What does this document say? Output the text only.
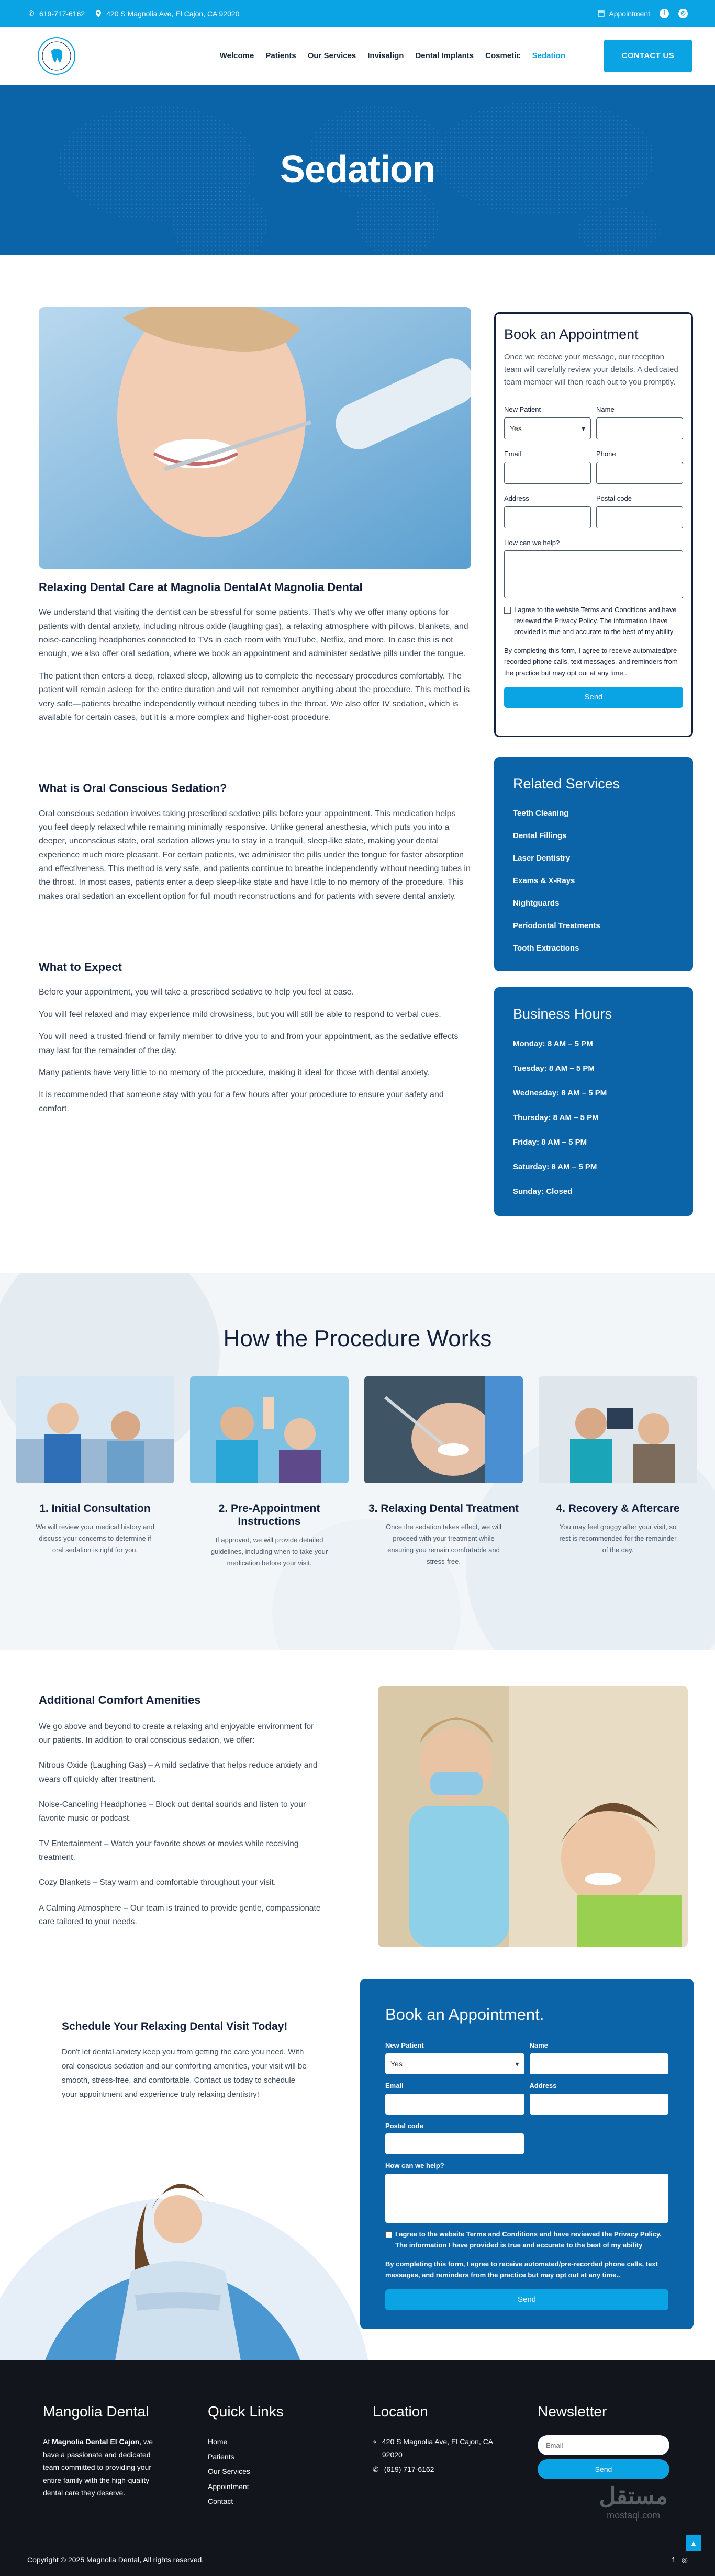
✆ 619-717-6162	420 S Magnolia Ave, El Cajon, CA 92020	Appointment	f	◎
Welcome Patients Our Services Invisalign Dental Implants Cosmetic Sedation	CONTACT US
Sedation
Relaxing Dental Care at Magnolia DentalAt Magnolia Dental

We understand that visiting the dentist can be stressful for some patients. That's why we offer many options for patients with dental anxiety, including nitrous oxide (laughing gas), a relaxing atmosphere with pillows, blankets, and noise-canceling headphones connected to TVs in each room with YouTube, Netflix, and more. In case this is not enough, we also offer oral sedation, where we book an appointment and administer sedative pills under the tongue.

The patient then enters a deep, relaxed sleep, allowing us to complete the necessary procedures comfortably. The patient will remain asleep for the entire duration and will not remember anything about the procedure. This method is very safe—patients breathe independently without needing tubes in the throat. We also offer IV sedation, which is available for certain cases, but it is a more complex and higher-cost procedure.

What is Oral Conscious Sedation?

Oral conscious sedation involves taking prescribed sedative pills before your appointment. This medication helps you feel deeply relaxed while remaining minimally responsive. Unlike general anesthesia, which puts you into a deeper, unconscious state, oral sedation allows you to stay in a tranquil, sleep-like state, making your dental experience much more pleasant. For certain patients, we administer the pills under the tongue for faster absorption and effectiveness. This method is very safe, and patients continue to breathe independently without needing tubes in the throat. In most cases, patients enter a deep sleep-like state and have little to no memory of the procedure. This makes oral sedation an excellent option for full mouth reconstructions and for patients with severe dental anxiety.

What to Expect

Before your appointment, you will take a prescribed sedative to help you feel at ease.

You will feel relaxed and may experience mild drowsiness, but you will still be able to respond to verbal cues.

You will need a trusted friend or family member to drive you to and from your appointment, as the sedative effects may last for the remainder of the day.

Many patients have very little to no memory of the procedure, making it ideal for those with dental anxiety.

It is recommended that someone stay with you for a few hours after your procedure to ensure your safety and comfort.

Book an Appointment

Once we receive your message, our reception team will carefully review your details. A dedicated team member will then reach out to you promptly.

New Patient
Yes	▾
Name
Email	Phone
Address	Postal code
How can we help?
I agree to the website Terms and Conditions and have reviewed the Privacy Policy. The information I have provided is true and accurate to the best of my ability

By completing this form, I agree to receive automated/pre-recorded phone calls, text messages, and reminders from the practice but may opt out at any time..

Send
Related Services
Teeth Cleaning
Dental Fillings
Laser Dentistry
Exams & X-Rays
Nightguards
Periodontal Treatments
Tooth Extractions
Business Hours
Monday: 8 AM – 5 PM
Tuesday: 8 AM – 5 PM
Wednesday: 8 AM – 5 PM
Thursday: 8 AM – 5 PM
Friday: 8 AM – 5 PM
Saturday: 8 AM – 5 PM
Sunday: Closed
How the Procedure Works
1. Initial Consultation

We will review your medical history and discuss your concerns to determine if oral sedation is right for you.

2. Pre-Appointment Instructions

If approved, we will provide detailed guidelines, including when to take your medication before your visit.

3. Relaxing Dental Treatment

Once the sedation takes effect, we will proceed with your treatment while ensuring you remain comfortable and stress-free.

4. Recovery & Aftercare

You may feel groggy after your visit, so rest is recommended for the remainder of the day.

Additional Comfort Amenities

We go above and beyond to create a relaxing and enjoyable environment for our patients. In addition to oral conscious sedation, we offer:

Nitrous Oxide (Laughing Gas) – A mild sedative that helps reduce anxiety and wears off quickly after treatment.

Noise-Canceling Headphones – Block out dental sounds and listen to your favorite music or podcast.

TV Entertainment – Watch your favorite shows or movies while receiving treatment.

Cozy Blankets – Stay warm and comfortable throughout your visit.

A Calming Atmosphere – Our team is trained to provide gentle, compassionate care tailored to your needs.

Schedule Your Relaxing Dental Visit Today!

Don't let dental anxiety keep you from getting the care you need. With oral conscious sedation and our comforting amenities, your visit will be smooth, stress-free, and comfortable. Contact us today to schedule your appointment and experience truly relaxing dentistry!

Book an Appointment.
New Patient
Yes	▾
Name
Email	Address
Postal code
How can we help?
I agree to the website Terms and Conditions and have reviewed the Privacy Policy. The information I have provided is true and accurate to the best of my ability

By completing this form, I agree to receive automated/pre-recorded phone calls, text messages, and reminders from the practice but may opt out at any time..

Send
Mangolia Dental

At Magnolia Dental El Cajon, we have a passionate and dedicated team committed to providing your entire family with the high-quality dental care they deserve.

Quick Links
Home
Patients
Our Services
Appointment
Contact
Location

⌖ 420 S Magnolia Ave, El Cajon, CA 92020

✆ (619) 717-6162

Newsletter
Email
Send
مستقل
mostaql.com
▲
Copyright © 2025 Magnolia Dental, All rights reserved.	f ◎
